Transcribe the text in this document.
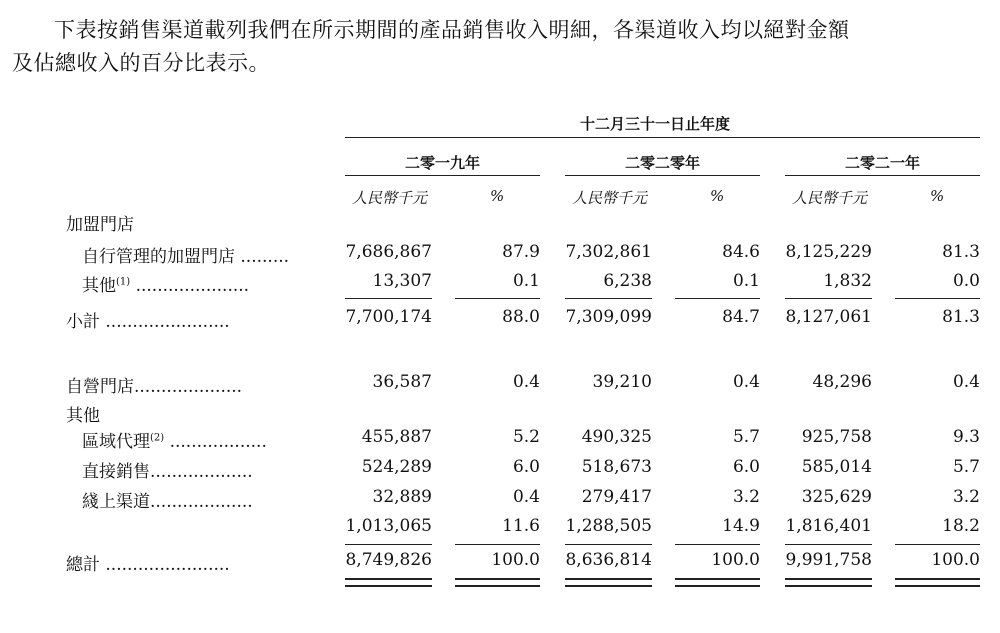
下表按銷售渠道載列我們在所示期間的產品銷售收入明細，各渠道收入均以絕對金額
及佔總收入的百分比表示。
十二月三十一日止年度
二零一九年	二零二零年	二零二一年
人民幣千元	%	人民幣千元	%	人民幣千元	%
加盟門店
自行管理的加盟門店 .........	7,686,867	87.9	7,302,861	84.6	8,125,229	81.3
其他$^{(1)}$ .....................	13,307	0.1	6,238	0.1	1,832	0.0
小計 .......................	7,700,174	88.0	7,309,099	84.7	8,127,061	81.3
自營門店....................	36,587	0.4	39,210	0.4	48,296	0.4
其他
區域代理$^{(2)}$ ..................	455,887	5.2	490,325	5.7	925,758	9.3
直接銷售...................	524,289	6.0	518,673	6.0	585,014	5.7
綫上渠道...................	32,889	0.4	279,417	3.2	325,629	3.2
1,013,065	11.6	1,288,505	14.9	1,816,401	18.2
總計 .......................	8,749,826	100.0	8,636,814	100.0	9,991,758	100.0
